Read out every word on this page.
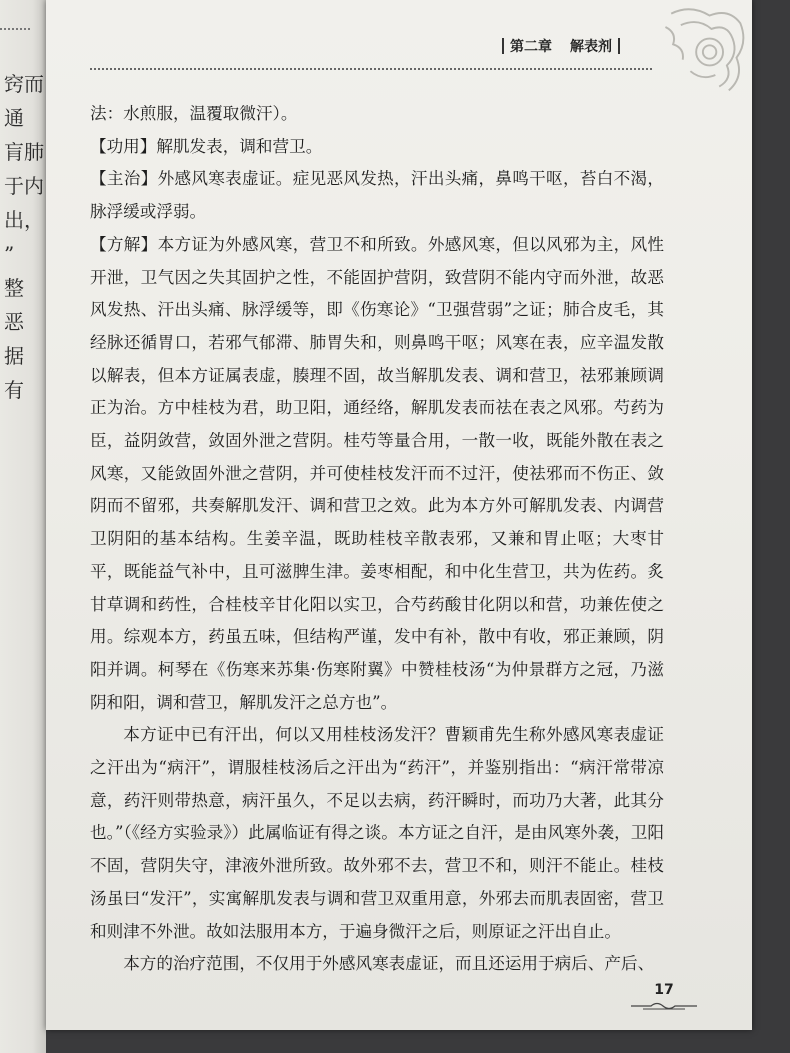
窍而
通
肓肺
于内
出，
”
整
恶
据
有
第二章 解表剂

法：水煎服，温覆取微汗）。

【功用】解肌发表，调和营卫。

【主治】外感风寒表虚证。症见恶风发热，汗出头痛，鼻鸣干呕，苔白不渴，脉浮缓或浮弱。

【方解】本方证为外感风寒，营卫不和所致。外感风寒，但以风邪为主，风性开泄，卫气因之失其固护之性，不能固护营阴，致营阴不能内守而外泄，故恶风发热、汗出头痛、脉浮缓等，即《伤寒论》“卫强营弱”之证；肺合皮毛，其经脉还循胃口，若邪气郁滞、肺胃失和，则鼻鸣干呕；风寒在表，应辛温发散以解表，但本方证属表虚，腠理不固，故当解肌发表、调和营卫，祛邪兼顾调正为治。方中桂枝为君，助卫阳，通经络，解肌发表而祛在表之风邪。芍药为臣，益阴敛营，敛固外泄之营阴。桂芍等量合用，一散一收，既能外散在表之风寒，又能敛固外泄之营阴，并可使桂枝发汗而不过汗，使祛邪而不伤正、敛阴而不留邪，共奏解肌发汗、调和营卫之效。此为本方外可解肌发表、内调营卫阴阳的基本结构。生姜辛温，既助桂枝辛散表邪，又兼和胃止呕；大枣甘平，既能益气补中，且可滋脾生津。姜枣相配，和中化生营卫，共为佐药。炙甘草调和药性，合桂枝辛甘化阳以实卫，合芍药酸甘化阴以和营，功兼佐使之用。综观本方，药虽五味，但结构严谨，发中有补，散中有收，邪正兼顾，阴阳并调。柯琴在《伤寒来苏集·伤寒附翼》中赞桂枝汤“为仲景群方之冠，乃滋阴和阳，调和营卫，解肌发汗之总方也”。

本方证中已有汗出，何以又用桂枝汤发汗？曹颖甫先生称外感风寒表虚证之汗出为“病汗”，谓服桂枝汤后之汗出为“药汗”，并鉴别指出：“病汗常带凉意，药汗则带热意，病汗虽久，不足以去病，药汗瞬时，而功乃大著，此其分也。”（《经方实验录》）此属临证有得之谈。本方证之自汗，是由风寒外袭，卫阳不固，营阴失守，津液外泄所致。故外邪不去，营卫不和，则汗不能止。桂枝汤虽曰“发汗”，实寓解肌发表与调和营卫双重用意，外邪去而肌表固密，营卫和则津不外泄。故如法服用本方，于遍身微汗之后，则原证之汗出自止。

本方的治疗范围，不仅用于外感风寒表虚证，而且还运用于病后、产后、

17
